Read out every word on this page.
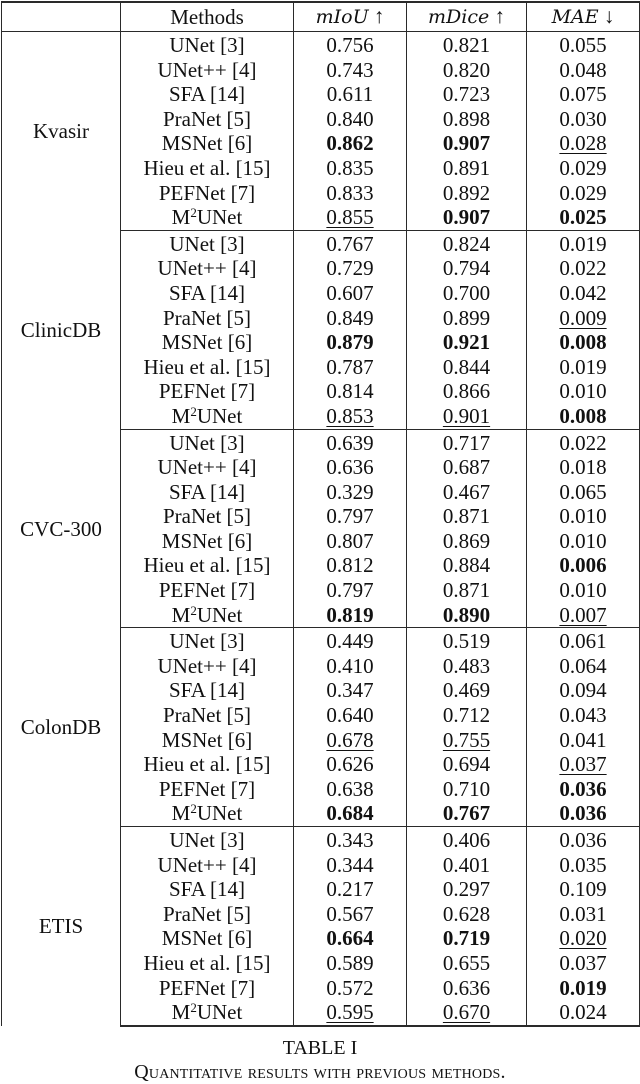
	Methods	mIoU ↑	mDice ↑	MAE ↓
Kvasir	UNet [3]	0.756	0.821	0.055
	UNet++ [4]	0.743	0.820	0.048
	SFA [14]	0.611	0.723	0.075
	PraNet [5]	0.840	0.898	0.030
	MSNet [6]	0.862	0.907	0.028
	Hieu et al. [15]	0.835	0.891	0.029
	PEFNet [7]	0.833	0.892	0.029
	$M^2UNet$	0.855	0.907	0.025
ClinicDB	UNet [3]	0.767	0.824	0.019
	UNet++ [4]	0.729	0.794	0.022
	SFA [14]	0.607	0.700	0.042
	PraNet [5]	0.849	0.899	0.009
	MSNet [6]	0.879	0.921	0.008
	Hieu et al. [15]	0.787	0.844	0.019
	PEFNet [7]	0.814	0.866	0.010
	$M^2UNet$	0.853	0.901	0.008
CVC-300	UNet [3]	0.639	0.717	0.022
	UNet++ [4]	0.636	0.687	0.018
	SFA [14]	0.329	0.467	0.065
	PraNet [5]	0.797	0.871	0.010
	MSNet [6]	0.807	0.869	0.010
	Hieu et al. [15]	0.812	0.884	0.006
	PEFNet [7]	0.797	0.871	0.010
	$M^2UNet$	0.819	0.890	0.007
ColonDB	UNet [3]	0.449	0.519	0.061
	UNet++ [4]	0.410	0.483	0.064
	SFA [14]	0.347	0.469	0.094
	PraNet [5]	0.640	0.712	0.043
	MSNet [6]	0.678	0.755	0.041
	Hieu et al. [15]	0.626	0.694	0.037
	PEFNet [7]	0.638	0.710	0.036
	$M^2UNet$	0.684	0.767	0.036
ETIS	UNet [3]	0.343	0.406	0.036
	UNet++ [4]	0.344	0.401	0.035
	SFA [14]	0.217	0.297	0.109
	PraNet [5]	0.567	0.628	0.031
	MSNet [6]	0.664	0.719	0.020
	Hieu et al. [15]	0.589	0.655	0.037
	PEFNet [7]	0.572	0.636	0.019
	$M^2UNet$	0.595	0.670	0.024
TABLE I
Quantitative results with previous methods.
